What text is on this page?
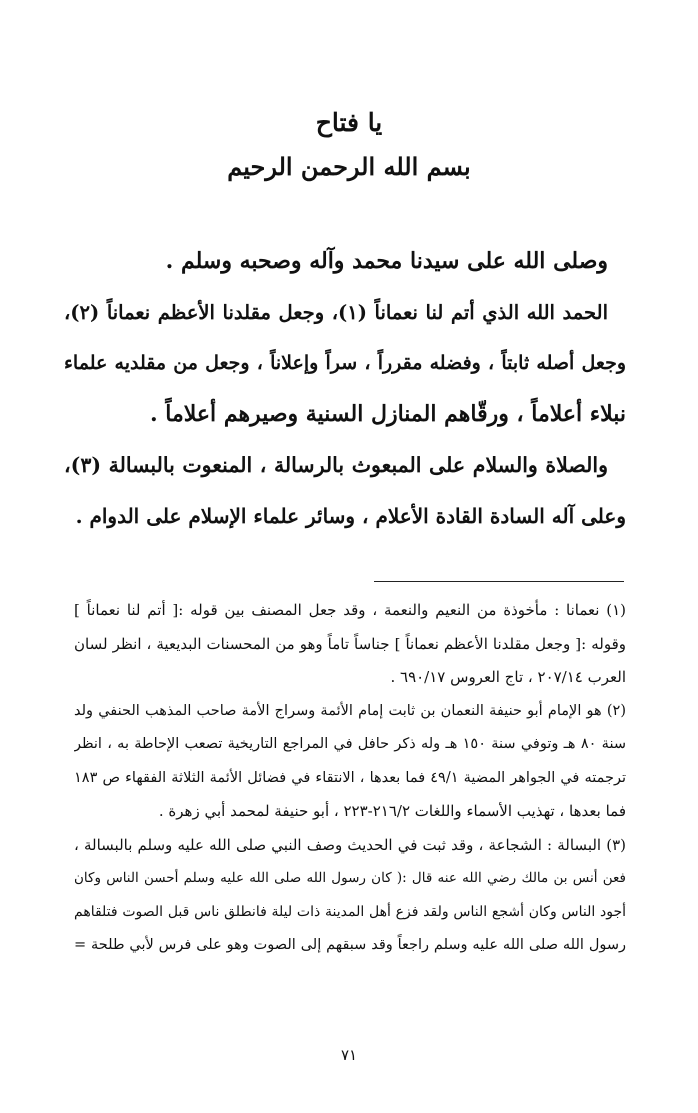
يا فتاح
بسم الله الرحمن الرحيم

وصلى الله على سيدنا محمد وآله وصحبه وسلم .

الحمد الله الذي أتم لنا نعماناً (١)، وجعل مقلدنا الأعظم نعماناً (٢)،

وجعل أصله ثابتاً ، وفضله مقرراً ، سراً وإعلاناً ، وجعل من مقلديه علماء

نبلاء أعلاماً ، ورقّاهم المنازل السنية وصيرهم أعلاماً .

والصلاة والسلام على المبعوث بالرسالة ، المنعوت بالبسالة (٣)،

وعلى آله السادة القادة الأعلام ، وسائر علماء الإسلام على الدوام .

(١) نعمانا : مأخوذة من النعيم والنعمة ، وقد جعل المصنف بين قوله :[ أتم لنا نعماناً ]

وقوله :[ وجعل مقلدنا الأعظم نعماناً ] جناساً تاماً وهو من المحسنات البديعية ، انظر لسان

العرب ٢٠٧/١٤ ، تاج العروس ٦٩٠/١٧ .

(٢) هو الإمام أبو حنيفة النعمان بن ثابت إمام الأئمة وسراج الأمة صاحب المذهب الحنفي ولد

سنة ٨٠ هـ وتوفي سنة ١٥٠ هـ وله ذكر حافل في المراجع التاريخية تصعب الإحاطة به ، انظر

ترجمته في الجواهر المضية ٤٩/١ فما بعدها ، الانتقاء في فضائل الأئمة الثلاثة الفقهاء ص ١٨٣

فما بعدها ، تهذيب الأسماء واللغات ٢١٦/٢-٢٢٣ ، أبو حنيفة لمحمد أبي زهرة .

(٣) البسالة : الشجاعة ، وقد ثبت في الحديث وصف النبي صلى الله عليه وسلم بالبسالة ،

فعن أنس بن مالك رضي الله عنه قال :( كان رسول الله صلى الله عليه وسلم أحسن الناس وكان

أجود الناس وكان أشجع الناس ولقد فزع أهل المدينة ذات ليلة فانطلق ناس قبل الصوت فتلقاهم

رسول الله صلى الله عليه وسلم راجعاً وقد سبقهم إلى الصوت وهو على فرس لأبي طلحة =

٧١
